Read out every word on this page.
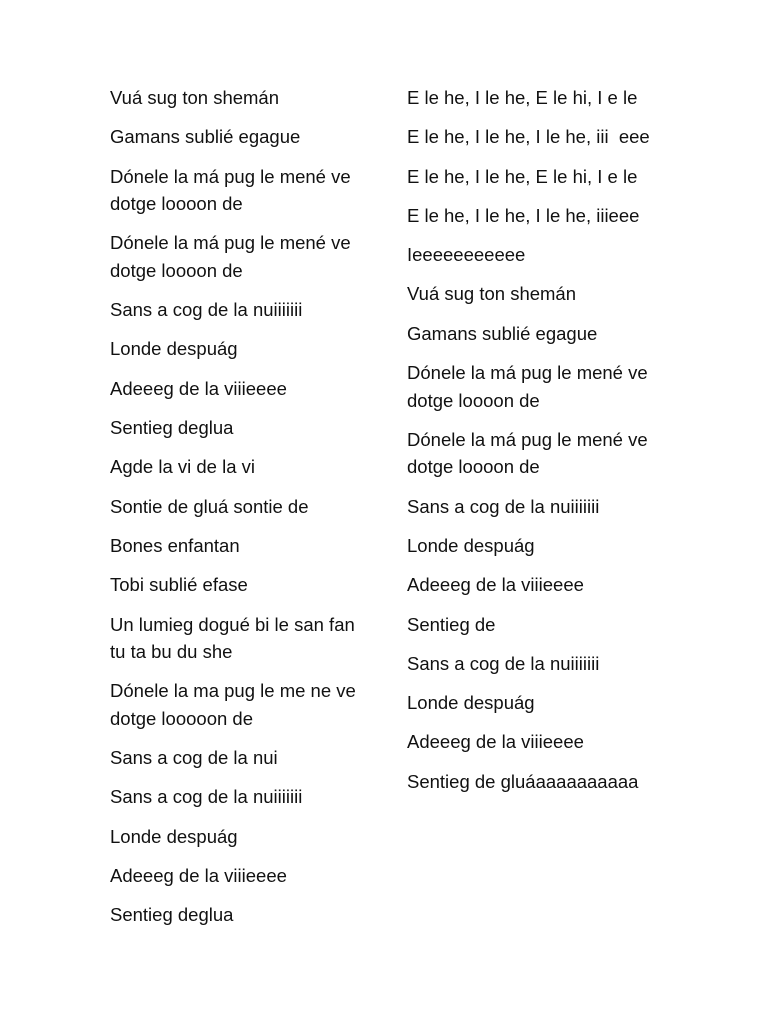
Vuá sug ton shemán
Gamans sublié egague
Dónele la má pug le mené ve
dotge loooon de
Dónele la má pug le mené ve
dotge loooon de
Sans a cog de la nuiiiiiii
Londe despuág
Adeeeg de la viiieeee
Sentieg deglua
Agde la vi de la vi
Sontie de gluá sontie de
Bones enfantan
Tobi sublié efase
Un lumieg dogué bi le san fan
tu ta bu du she
Dónele la ma pug le me ne ve
dotge looooon de
Sans a cog de la nui
Sans a cog de la nuiiiiiii
Londe despuág
Adeeeg de la viiieeee
Sentieg deglua
E le he, I le he, E le hi, I e le
E le he, I le he, I le he, iii  eee
E le he, I le he, E le hi, I e le
E le he, I le he, I le he, iiieee
Ieeeeeeeeeee
Vuá sug ton shemán
Gamans sublié egague
Dónele la má pug le mené ve
dotge loooon de
Dónele la má pug le mené ve
dotge loooon de
Sans a cog de la nuiiiiiii
Londe despuág
Adeeeg de la viiieeee
Sentieg de
Sans a cog de la nuiiiiiii
Londe despuág
Adeeeg de la viiieeee
Sentieg de gluáaaaaaaaaaa
